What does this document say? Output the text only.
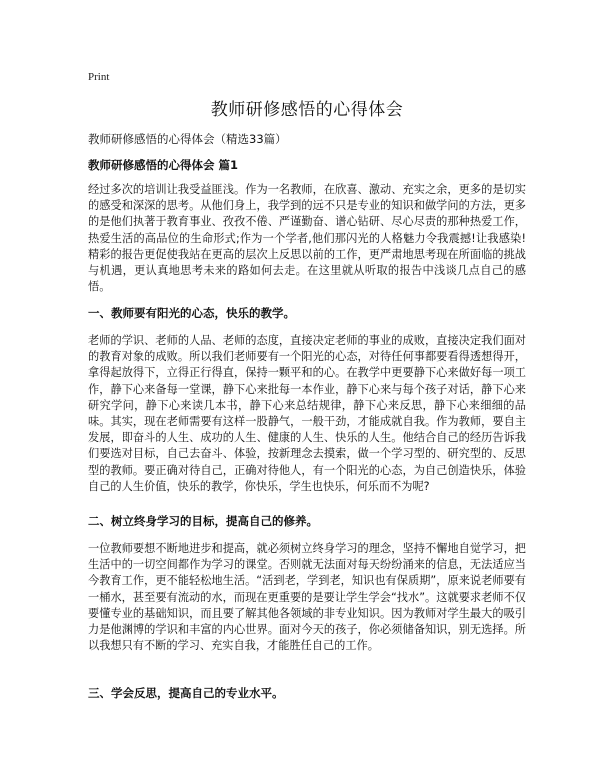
Print
教师研修感悟的心得体会
教师研修感悟的心得体会（精选33篇）
教师研修感悟的心得体会 篇1

经过多次的培训让我受益匪浅。作为一名教师，在欣喜、激动、充实之余，更多的是切实的感受和深深的思考。从他们身上，我学到的远不只是专业的知识和做学问的方法，更多的是他们执著于教育事业、孜孜不倦、严谨勤奋、谱心钻研、尽心尽责的那种热爱工作，热爱生活的高品位的生命形式;作为一个学者,他们那闪光的人格魅力令我震撼!让我感染!精彩的报告更促使我站在更高的层次上反思以前的工作，更严肃地思考现在所面临的挑战与机遇，更认真地思考未来的路如何去走。在这里就从听取的报告中浅谈几点自己的感悟。

一、教师要有阳光的心态，快乐的教学。

老师的学识、老师的人品、老师的态度，直接决定老师的事业的成败，直接决定我们面对的教育对象的成败。所以我们老师要有一个阳光的心态，对待任何事都要看得透想得开，拿得起放得下，立得正行得直，保持一颗平和的心。在教学中更要静下心来做好每一项工作，静下心来备每一堂课，静下心来批每一本作业，静下心来与每个孩子对话，静下心来研究学问，静下心来读几本书，静下心来总结规律，静下心来反思，静下心来细细的品味。其实，现在老师需要有这样一股静气，一般干劲，才能成就自我。作为教师，要自主发展，即奋斗的人生、成功的人生、健康的人生、快乐的人生。他结合自己的经历告诉我们要选对目标，自己去奋斗、体验，按新理念去摸索，做一个学习型的、研究型的、反思型的教师。要正确对待自己，正确对待他人，有一个阳光的心态，为自己创造快乐，体验自己的人生价值，快乐的教学，你快乐，学生也快乐，何乐而不为呢?

二、树立终身学习的目标，提高自己的修养。

一位教师要想不断地进步和提高，就必须树立终身学习的理念，坚持不懈地自觉学习，把生活中的一切空间都作为学习的课堂。否则就无法面对每天纷纷涌来的信息，无法适应当今教育工作，更不能轻松地生活。“活到老，学到老，知识也有保质期”，原来说老师要有一桶水，甚至要有流动的水，而现在更重要的是要让学生学会“找水”。这就要求老师不仅要懂专业的基础知识，而且要了解其他各领域的非专业知识。因为教师对学生最大的吸引力是他渊博的学识和丰富的内心世界。面对今天的孩子，你必须储备知识，别无选择。所以我想只有不断的学习、充实自我，才能胜任自己的工作。

三、学会反思，提高自己的专业水平。
